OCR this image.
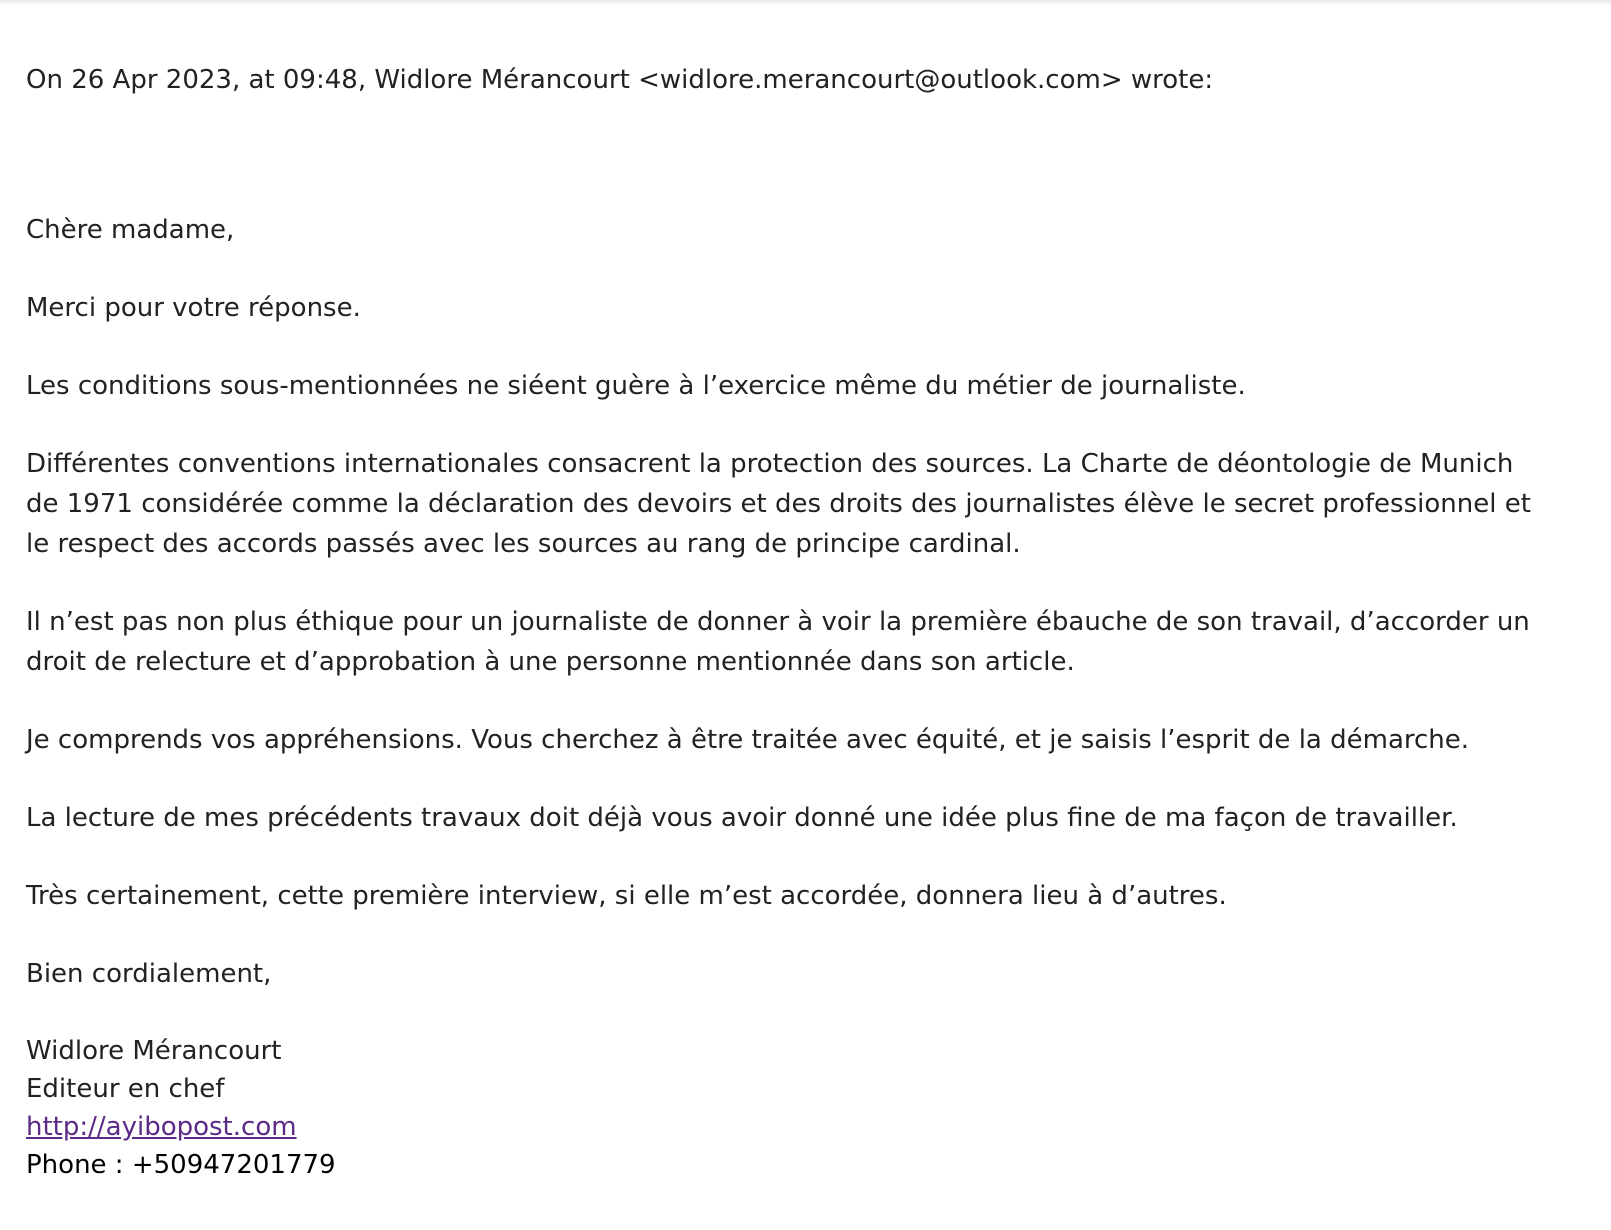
On 26 Apr 2023, at 09:48, Widlore Mérancourt <widlore.merancourt@outlook.com> wrote:

Chère madame,

Merci pour votre réponse.

Les conditions sous-mentionnées ne siéent guère à l’exercice même du métier de journaliste.

Différentes conventions internationales consacrent la protection des sources. La Charte de déontologie de Munich de 1971 considérée comme la déclaration des devoirs et des droits des journalistes élève le secret professionnel et le respect des accords passés avec les sources au rang de principe cardinal.

Il n’est pas non plus éthique pour un journaliste de donner à voir la première ébauche de son travail, d’accorder un droit de relecture et d’approbation à une personne mentionnée dans son article.

Je comprends vos appréhensions. Vous cherchez à être traitée avec équité, et je saisis l’esprit de la démarche.

La lecture de mes précédents travaux doit déjà vous avoir donné une idée plus fine de ma façon de travailler.

Très certainement, cette première interview, si elle m’est accordée, donnera lieu à d’autres.

Bien cordialement,

Widlore Mérancourt

Editeur en chef

http://ayibopost.com

Phone : +50947201779
